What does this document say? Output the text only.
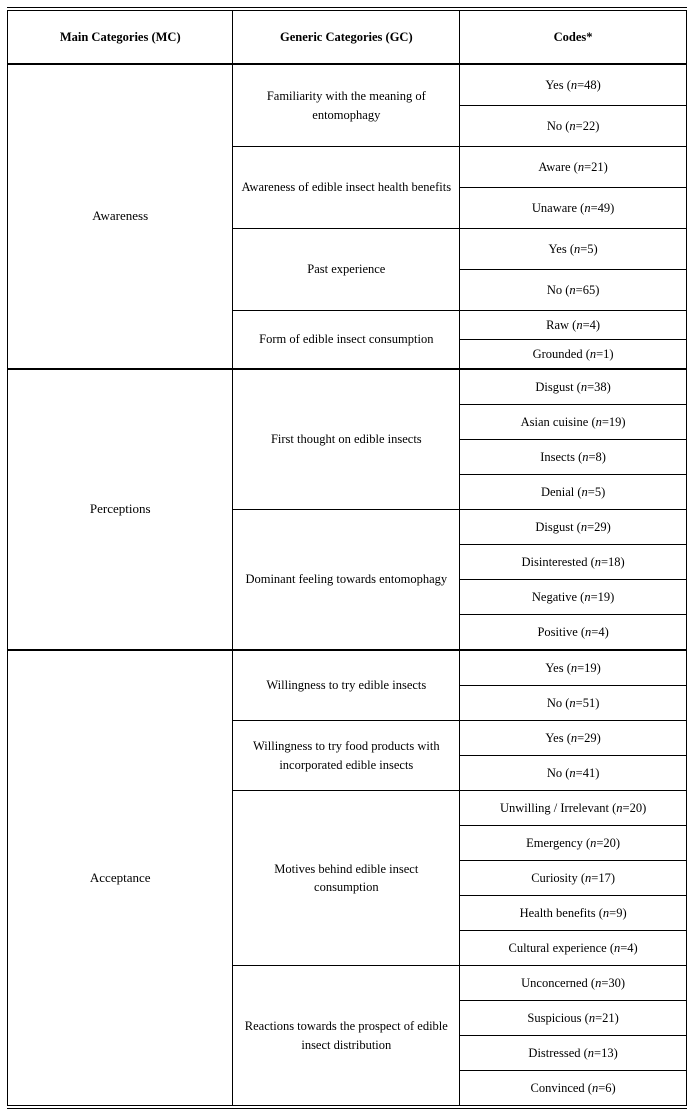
Main Categories (MC)	Generic Categories (GC)	Codes*
Awareness	Familiarity with the meaning of entomophagy	Yes (n=48)
		No (n=22)
	Awareness of edible insect health benefits	Aware (n=21)
		Unaware (n=49)
	Past experience	Yes (n=5)
		No (n=65)
	Form of edible insect consumption	Raw (n=4)
		Grounded (n=1)
Perceptions	First thought on edible insects	Disgust (n=38)
		Asian cuisine (n=19)
		Insects (n=8)
		Denial (n=5)
	Dominant feeling towards entomophagy	Disgust (n=29)
		Disinterested (n=18)
		Negative (n=19)
		Positive (n=4)
Acceptance	Willingness to try edible insects	Yes (n=19)
		No (n=51)
	Willingness to try food products with incorporated edible insects	Yes (n=29)
		No (n=41)
	Motives behind edible insect consumption	Unwilling / Irrelevant (n=20)
		Emergency (n=20)
		Curiosity (n=17)
		Health benefits (n=9)
		Cultural experience (n=4)
	Reactions towards the prospect of edible insect distribution	Unconcerned (n=30)
		Suspicious (n=21)
		Distressed (n=13)
		Convinced (n=6)
